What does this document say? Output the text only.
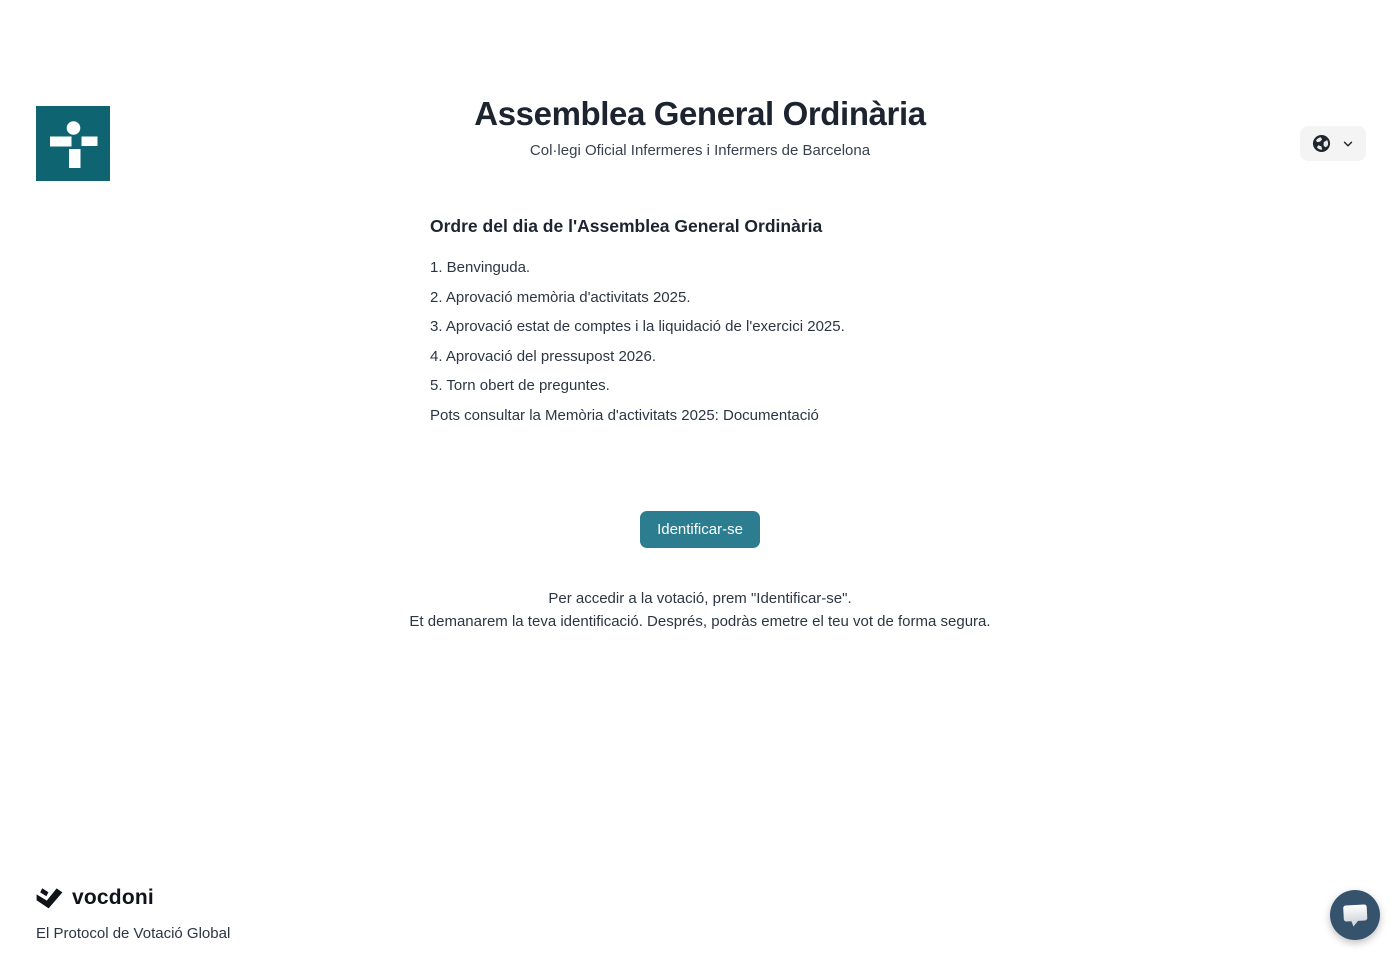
Assemblea General Ordinària

Col·legi Oficial Infermeres i Infermers de Barcelona

Ordre del dia de l'Assemblea General Ordinària

1. Benvinguda.

2. Aprovació memòria d'activitats 2025.

3. Aprovació estat de comptes i la liquidació de l'exercici 2025.

4. Aprovació del pressupost 2026.

5. Torn obert de preguntes.

Pots consultar la Memòria d'activitats 2025: Documentació

Identificar-se
Per accedir a la votació, prem "Identificar-se".
Et demanarem la teva identificació. Després, podràs emetre el teu vot de forma segura.
vocdoni

El Protocol de Votació Global
